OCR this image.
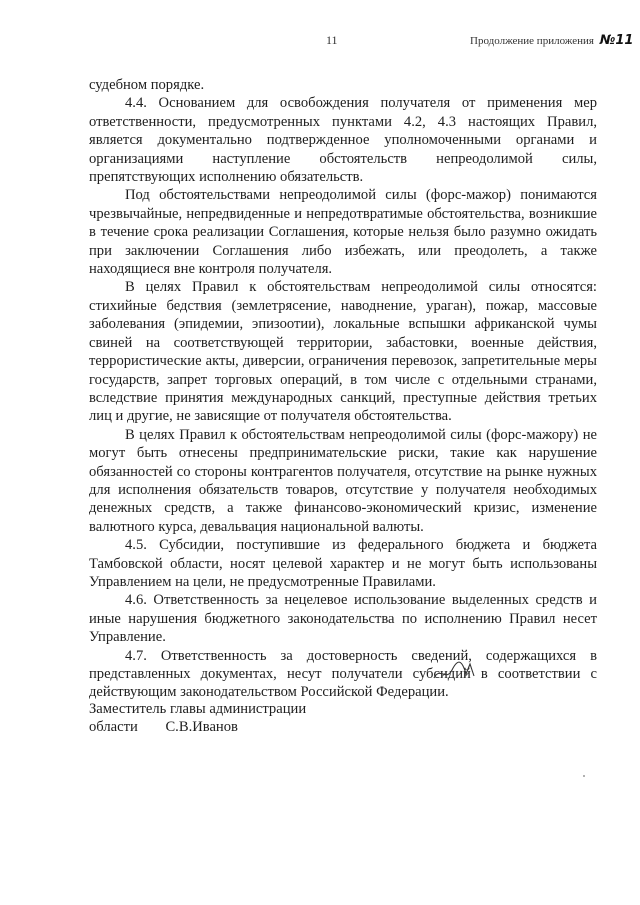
11	Продолжение приложения №11

судебном порядке.

4.4. Основанием для освобождения получателя от применения мер ответственности, предусмотренных пунктами 4.2, 4.3 настоящих Правил, является документально подтвержденное уполномоченными органами и организациями наступление обстоятельств непреодолимой силы, препятствующих исполнению обязательств.

Под обстоятельствами непреодолимой силы (форс-мажор) понимаются чрезвычайные, непредвиденные и непредотвратимые обстоятельства, возникшие в течение срока реализации Соглашения, которые нельзя было разумно ожидать при заключении Соглашения либо избежать, или преодолеть, а также находящиеся вне контроля получателя.

В целях Правил к обстоятельствам непреодолимой силы относятся: стихийные бедствия (землетрясение, наводнение, ураган), пожар, массовые заболевания (эпидемии, эпизоотии), локальные вспышки африканской чумы свиней на соответствующей территории, забастовки, военные действия, террористические акты, диверсии, ограничения перевозок, запретительные меры государств, запрет торговых операций, в том числе с отдельными странами, вследствие принятия международных санкций, преступные действия третьих лиц и другие, не зависящие от получателя обстоятельства.

В целях Правил к обстоятельствам непреодолимой силы (форс-мажору) не могут быть отнесены предпринимательские риски, такие как нарушение обязанностей со стороны контрагентов получателя, отсутствие на рынке нужных для исполнения обязательств товаров, отсутствие у получателя необходимых денежных средств, а также финансово-экономический кризис, изменение валютного курса, девальвация национальной валюты.

4.5. Субсидии, поступившие из федерального бюджета и бюджета Тамбовской области, носят целевой характер и не могут быть использованы Управлением на цели, не предусмотренные Правилами.

4.6. Ответственность за нецелевое использование выделенных средств и иные нарушения бюджетного законодательства по исполнению Правил несет Управление.

4.7. Ответственность за достоверность сведений, содержащихся в представленных документах, несут получатели субсидий в соответствии с действующим законодательством Российской Федерации.

Заместитель главы администрации
области С.В.Иванов
